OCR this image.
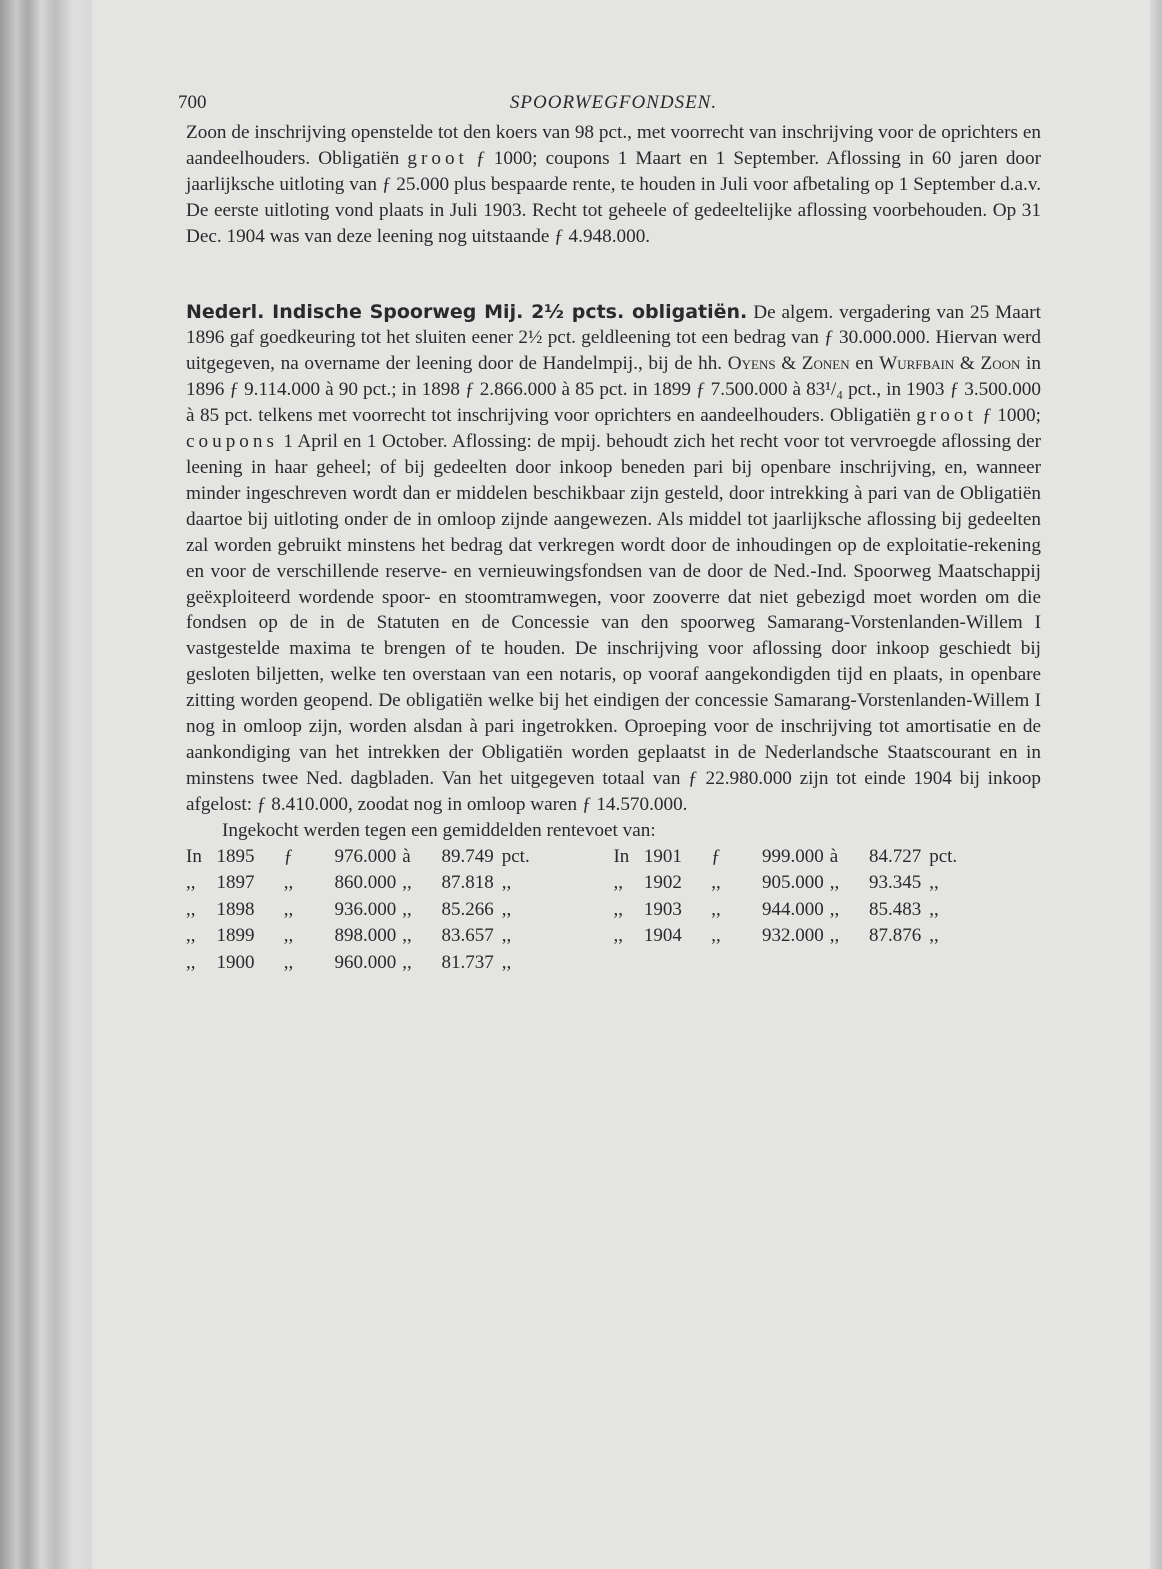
700	SPOORWEGFONDSEN.

Zoon de inschrijving openstelde tot den koers van 98 pct., met voorrecht van inschrijving voor de oprichters en aandeelhouders. Obligatiën groot ƒ 1000; coupons 1 Maart en 1 September. Aflossing in 60 jaren door jaarlijksche uitloting van ƒ 25.000 plus bespaarde rente, te houden in Juli voor afbetaling op 1 September d.a.v. De eerste uitloting vond plaats in Juli 1903. Recht tot geheele of gedeeltelijke aflossing voorbehouden. Op 31 Dec. 1904 was van deze leening nog uitstaande ƒ 4.948.000.

Nederl. Indische Spoorweg Mij. 2½ pcts. obligatiën. De algem. vergadering van 25 Maart 1896 gaf goedkeuring tot het sluiten eener 2½ pct. geldleening tot een bedrag van ƒ 30.000.000. Hiervan werd uitgegeven, na overname der leening door de Handelmpij., bij de hh. Oyens & Zonen en Wurfbain & Zoon in 1896 ƒ 9.114.000 à 90 pct.; in 1898 ƒ 2.866.000 à 85 pct. in 1899 ƒ 7.500.000 à 83¹/₄ pct., in 1903 ƒ 3.500.000 à 85 pct. telkens met voorrecht tot inschrijving voor oprichters en aandeelhouders. Obligatiën groot ƒ 1000; coupons 1 April en 1 October. Aflossing: de mpij. behoudt zich het recht voor tot vervroegde aflossing der leening in haar geheel; of bij gedeelten door inkoop beneden pari bij openbare inschrijving, en, wanneer minder ingeschreven wordt dan er middelen beschikbaar zijn gesteld, door intrekking à pari van de Obligatiën daartoe bij uitloting onder de in omloop zijnde aangewezen. Als middel tot jaarlijksche aflossing bij gedeelten zal worden gebruikt minstens het bedrag dat verkregen wordt door de inhoudingen op de exploitatie-rekening en voor de verschillende reserve- en vernieuwingsfondsen van de door de Ned.-Ind. Spoorweg Maatschappij geëxploiteerd wordende spoor- en stoomtramwegen, voor zooverre dat niet gebezigd moet worden om die fondsen op de in de Statuten en de Concessie van den spoorweg Samarang-Vorstenlanden-Willem I vastgestelde maxima te brengen of te houden. De inschrijving voor aflossing door inkoop geschiedt bij gesloten biljetten, welke ten overstaan van een notaris, op vooraf aangekondigden tijd en plaats, in openbare zitting worden geopend. De obligatiën welke bij het eindigen der concessie Samarang-Vorstenlanden-Willem I nog in omloop zijn, worden alsdan à pari ingetrokken. Oproeping voor de inschrijving tot amortisatie en de aankondiging van het intrekken der Obligatiën worden geplaatst in de Nederlandsche Staatscourant en in minstens twee Ned. dagbladen. Van het uitgegeven totaal van ƒ 22.980.000 zijn tot einde 1904 bij inkoop afgelost: ƒ 8.410.000, zoodat nog in omloop waren ƒ 14.570.000.

Ingekocht werden tegen een gemiddelden rentevoet van:

In	1895	ƒ	976.000	à	89.749	pct.	In	1901	ƒ	999.000	à	84.727	pct.
,,	1897	,,	860.000	,,	87.818	,,	,,	1902	,,	905.000	,,	93.345	,,
,,	1898	,,	936.000	,,	85.266	,,	,,	1903	,,	944.000	,,	85.483	,,
,,	1899	,,	898.000	,,	83.657	,,	,,	1904	,,	932.000	,,	87.876	,,
,,	1900	,,	960.000	,,	81.737	,,							
